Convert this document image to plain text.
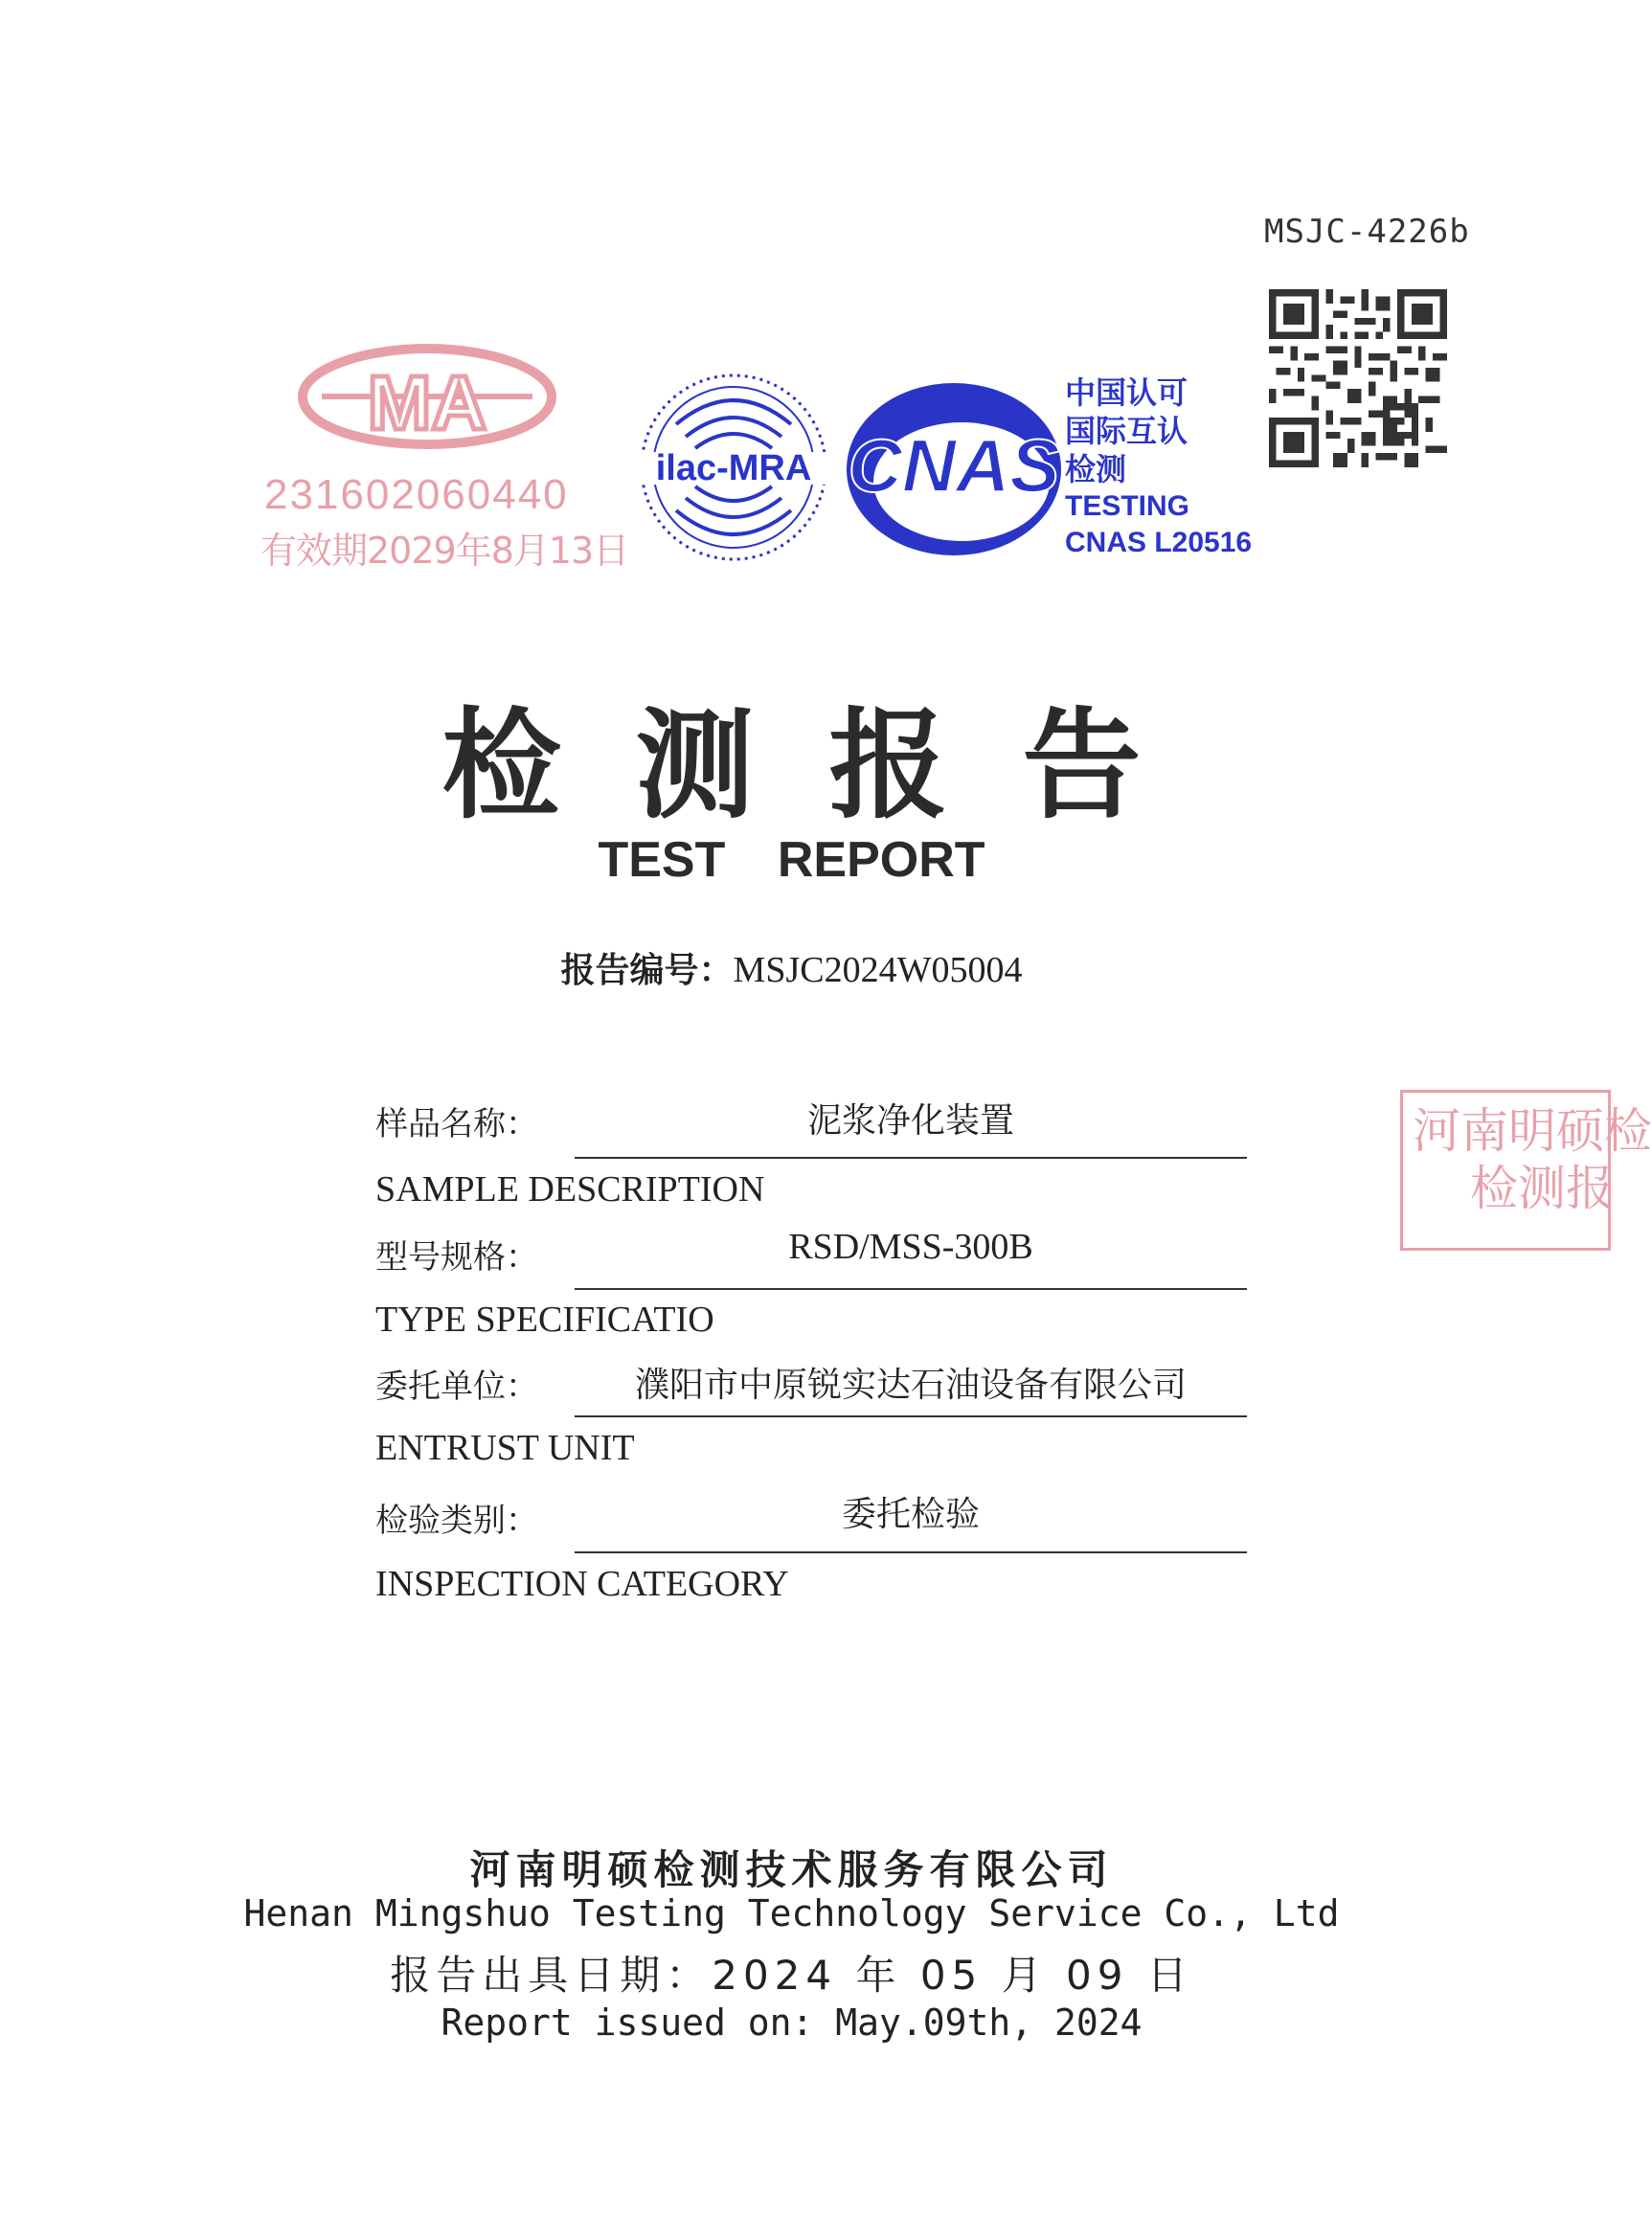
MSJC-4226b
MA
231602060440
有效期2029年8月13日
ilac-MRA CNAS
中国认可
国际互认
检测
TESTING
CNAS L20516
河南明硕检
检测报
检测报告
TEST REPORT
报告编号：MSJC2024W05004
样品名称：	泥浆净化装置
SAMPLE DESCRIPTION
型号规格：	RSD/MSS-300B
TYPE SPECIFICATIO
委托单位：	濮阳市中原锐实达石油设备有限公司
ENTRUST UNIT
检验类别：	委托检验
INSPECTION CATEGORY
河南明硕检测技术服务有限公司
Henan Mingshuo Testing Technology Service Co., Ltd
报告出具日期：2024 年 05 月 09 日
Report issued on: May.09th, 2024
